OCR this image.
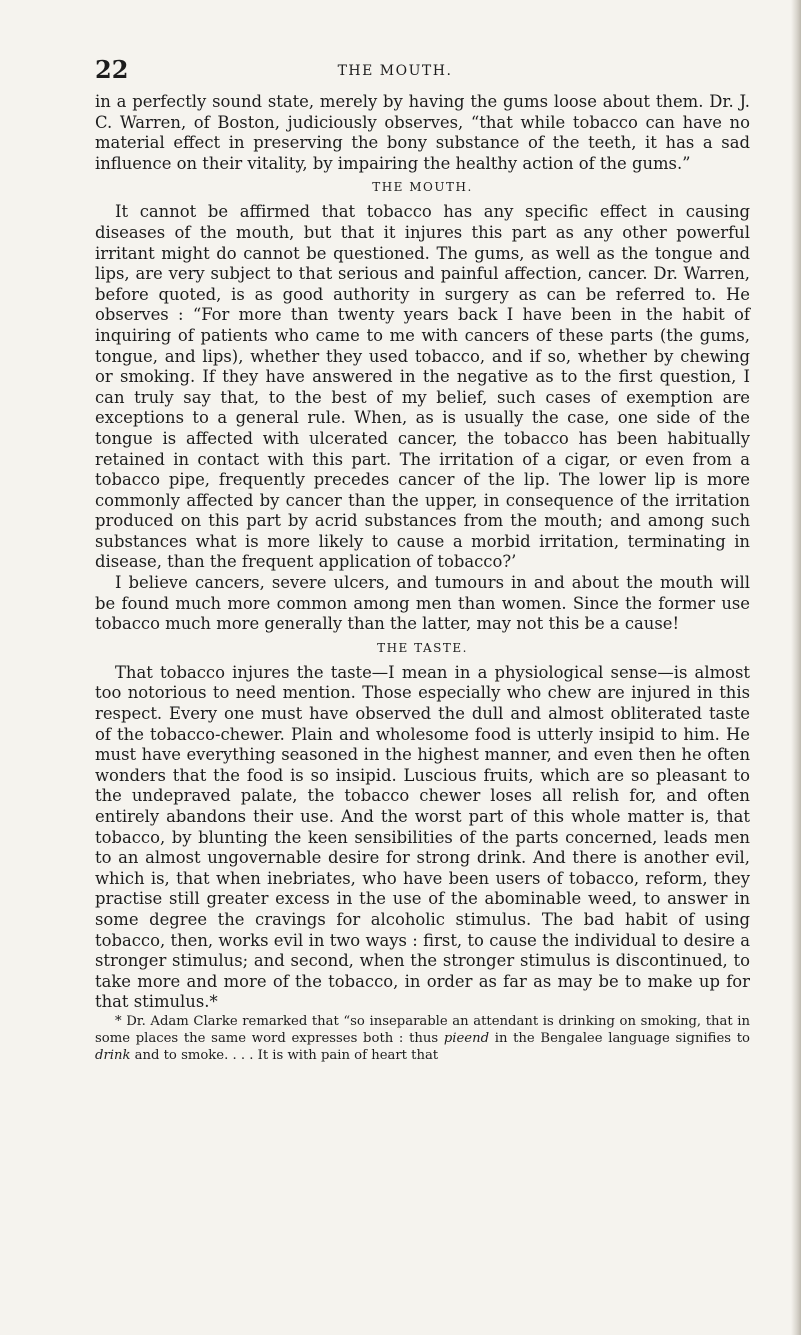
22	THE MOUTH.

in a perfectly sound state, merely by having the gums loose about them. Dr. J. C. Warren, of Boston, judiciously observes, “that while tobacco can have no material effect in preserving the bony substance of the teeth, it has a sad influence on their vitality, by impairing the healthy action of the gums.”

THE MOUTH.

It cannot be affirmed that tobacco has any specific effect in causing diseases of the mouth, but that it injures this part as any other powerful irritant might do cannot be questioned. The gums, as well as the tongue and lips, are very subject to that serious and painful affection, cancer. Dr. Warren, before quoted, is as good authority in surgery as can be referred to. He observes : “For more than twenty years back I have been in the habit of inquiring of patients who came to me with cancers of these parts (the gums, tongue, and lips), whether they used tobacco, and if so, whether by chewing or smoking. If they have answered in the negative as to the first question, I can truly say that, to the best of my belief, such cases of exemption are exceptions to a general rule. When, as is usually the case, one side of the tongue is affected with ulcerated cancer, the tobacco has been habitually retained in contact with this part. The irritation of a cigar, or even from a tobacco pipe, frequently precedes cancer of the lip. The lower lip is more commonly affected by cancer than the upper, in consequence of the irritation produced on this part by acrid substances from the mouth; and among such substances what is more likely to cause a morbid irritation, terminating in disease, than the frequent application of tobacco?’

I believe cancers, severe ulcers, and tumours in and about the mouth will be found much more common among men than women. Since the former use tobacco much more generally than the latter, may not this be a cause!

THE TASTE.

That tobacco injures the taste—I mean in a physiological sense—is almost too notorious to need mention. Those especially who chew are injured in this respect. Every one must have observed the dull and almost obliterated taste of the tobacco-chewer. Plain and wholesome food is utterly insipid to him. He must have everything seasoned in the highest manner, and even then he often wonders that the food is so insipid. Luscious fruits, which are so pleasant to the undepraved palate, the tobacco chewer loses all relish for, and often entirely abandons their use. And the worst part of this whole matter is, that tobacco, by blunting the keen sensibilities of the parts concerned, leads men to an almost ungovernable desire for strong drink. And there is another evil, which is, that when inebriates, who have been users of tobacco, reform, they practise still greater excess in the use of the abominable weed, to answer in some degree the cravings for alcoholic stimulus. The bad habit of using tobacco, then, works evil in two ways : first, to cause the individual to desire a stronger stimulus; and second, when the stronger stimulus is discontinued, to take more and more of the tobacco, in order as far as may be to make up for that stimulus.*

* Dr. Adam Clarke remarked that “so inseparable an attendant is drinking on smoking, that in some places the same word expresses both : thus pieend in the Bengalee language signifies to drink and to smoke. . . . It is with pain of heart that
